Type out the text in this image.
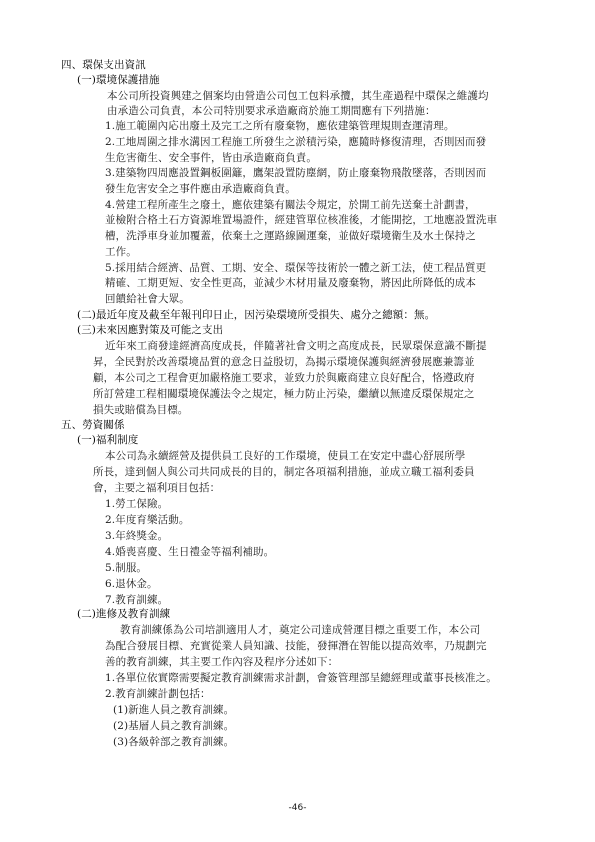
四、環保支出資訊
(一)環境保護措施
本公司所投資興建之個案均由營造公司包工包料承攬，其生產過程中環保之維護均
由承造公司負責，本公司特別要求承造廠商於施工期間應有下列措施：
1.施工範圍內応出廢土及完工之所有廢棄物，應依建築管理規則查運清理。
2.工地周圍之排水溝因工程施工所發生之淤積污染，應隨時修復清理，否則因而發
生危害衛生、安全事件，皆由承造廠商負責。
3.建築物四周應設置鋼板圍籬，鷹架設置防塵網，防止廢棄物飛散墜落，否則因而
發生危害安全之事件應由承造廠商負責。
4.營建工程所產生之廢土，應依建築有關法令規定，於開工前先送棄土計劃書，
並檢附合格土石方資源堆置場證件，經建管單位核准後，才能開挖，工地應設置洗車
槽，洗淨車身並加覆蓋，依棄土之運路線圖運棄，並做好環境衛生及水土保持之
工作。
5.採用結合經濟、品質、工期、安全、環保等技術於一體之新工法，使工程品質更
精確、工期更短、安全性更高，並減少木材用量及廢棄物，將因此所降低的成本
回饋給社會大眾。
(二)最近年度及截至年報刊印日止，因污染環境所受損失、處分之總額：無。
(三)未來因應對策及可能之支出
近年來工商發達經濟高度成長，伴隨著社會文明之高度成長，民眾環保意識不斷提
昇，全民對於改善環境品質的意念日益殷切，為揭示環境保護與經濟發展應兼籌並
顧，本公司之工程會更加嚴格施工要求，並致力於與廠商建立良好配合，恪遵政府
所訂營建工程相關環境保護法令之規定，極力防止污染，繼續以無違反環保規定之
損失或賠償為目標。
五、勞資關係
(一)福利制度
本公司為永續經營及提供員工良好的工作環境，使員工在安定中盡心舒展所學
所長，達到個人與公司共同成長的目的，制定各項福利措施，並成立職工福利委員
會，主要之福利項目包括：
1.勞工保險。
2.年度育樂活動。
3.年終獎金。
4.婚喪喜慶、生日禮金等福利補助。
5.制服。
6.退休金。
7.教育訓練。
(二)進修及教育訓練
教育訓練係為公司培訓適用人才，奠定公司達成營運目標之重要工作，本公司
為配合發展目標、充實從業人員知識、技能，發揮潛在智能以提高效率，乃規劃完
善的教育訓練，其主要工作內容及程序分述如下：
1.各單位依實際需要擬定教育訓練需求計劃，會簽管理部呈總經理或董事長核准之。
2.教育訓練計劃包括：
(1)新進人員之教育訓練。
(2)基層人員之教育訓練。
(3)各級幹部之教育訓練。
-46-
